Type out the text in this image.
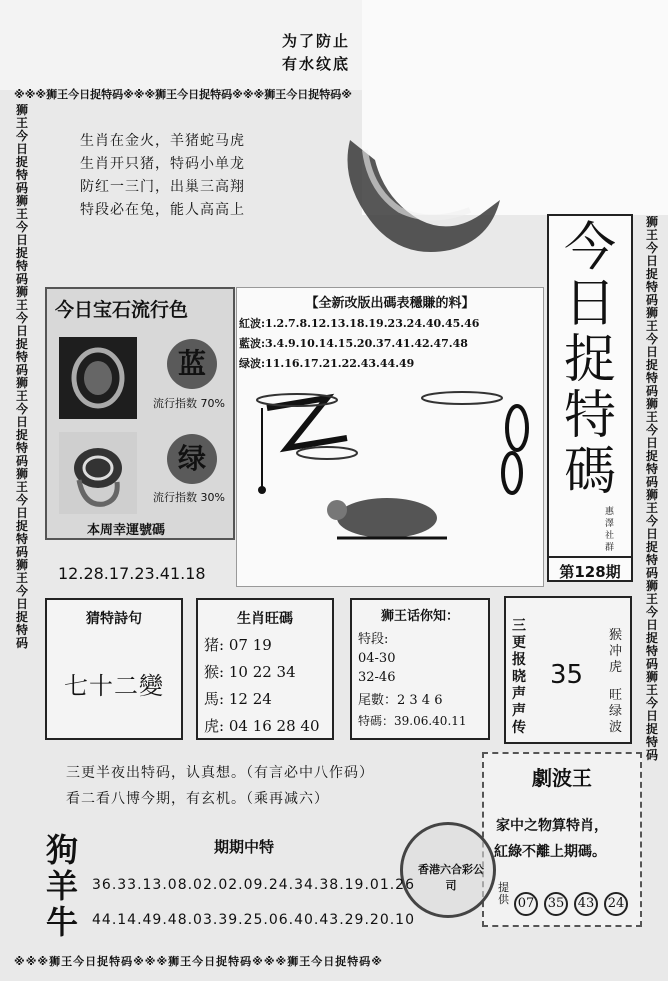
为了防止
有水纹底
※※※狮王今日捉特码※※※狮王今日捉特码※※※狮王今日捉特码※
※※※狮王今日捉特码※※※狮王今日捉特码※※※狮王今日捉特码※
狮王今日捉特码狮王今日捉特码狮王今日捉特码狮王今日捉特码狮王今日捉特码狮王今日捉特码
狮王今日捉特码狮王今日捉特码狮王今日捉特码狮王今日捉特码狮王今日捉特码狮王今日捉特码
生肖在金火，羊猪蛇马虎
生肖开只猪，特码小单龙
防红一三门，出巢三高翔
特段必在兔，能人高高上
今
日
捉
特
碼
惠 澤 社 群
第128期
今日宝石流行色
蓝
流行指数 70%
绿
流行指数 30%
本周幸運號碼
12.28.17.23.41.18
【全新改版出碼表穩賺的料】
紅波:1.2.7.8.12.13.18.19.23.24.40.45.46
藍波:3.4.9.10.14.15.20.37.41.42.47.48
绿波:11.16.17.21.22.43.44.49
猜特詩句
七十二變
生肖旺碼
猪: 07 19
猴: 10 22 34
馬: 12 24
虎: 04 16 28 40
狮王话你知：
特段:
04-30
32-46
尾數：2 3 4 6
特碼：39.06.40.11
三更报晓声声传
35
猴冲虎
旺绿波
三更半夜出特码，认真想。（有言必中八作码）
看二看八博今期，有玄机。（乘再减六）
劇波王
家中之物算特肖，
紅綠不離上期碼。
提供 07 35 43 24
香港六合彩公司
狗羊牛
期期中特
36.33.13.08.02.02.09.24.34.38.19.01.26
44.14.49.48.03.39.25.06.40.43.29.20.10
